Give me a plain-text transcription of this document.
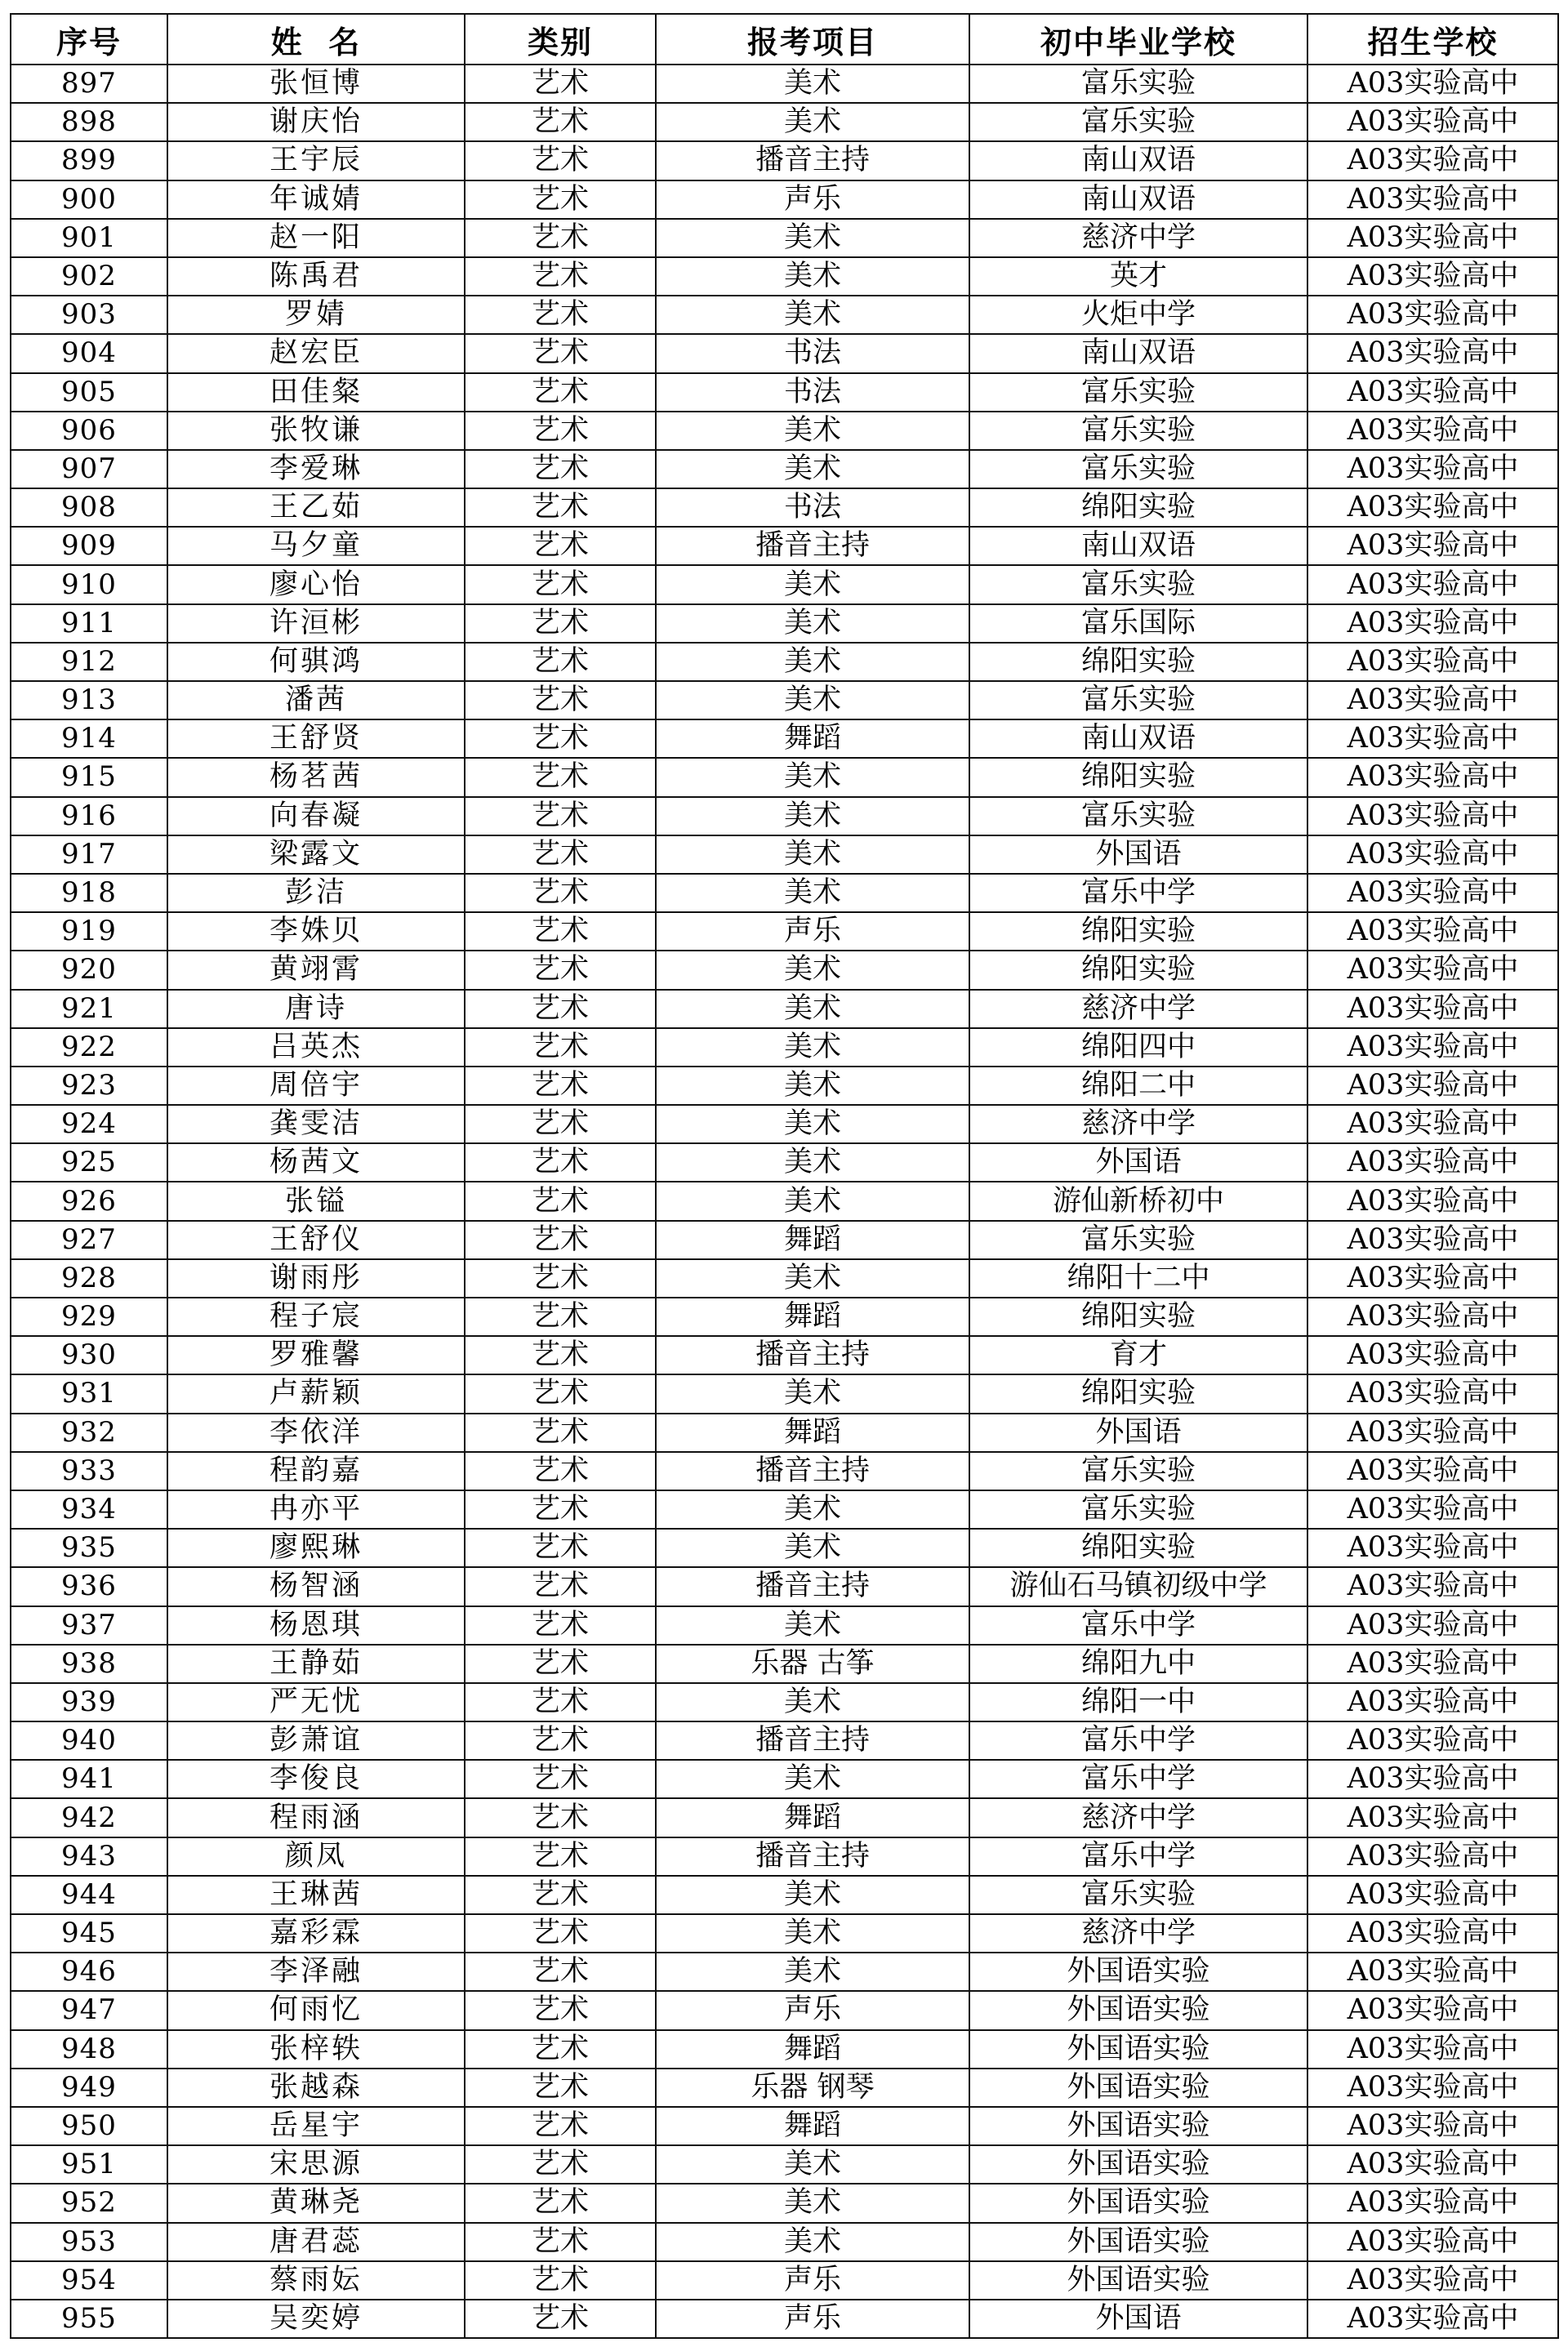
序号	姓  名	类别	报考项目	初中毕业学校	招生学校
897	张恒博	艺术	美术	富乐实验	A03实验高中
898	谢庆怡	艺术	美术	富乐实验	A03实验高中
899	王宇辰	艺术	播音主持	南山双语	A03实验高中
900	年诚婧	艺术	声乐	南山双语	A03实验高中
901	赵一阳	艺术	美术	慈济中学	A03实验高中
902	陈禹君	艺术	美术	英才	A03实验高中
903	罗婧	艺术	美术	火炬中学	A03实验高中
904	赵宏臣	艺术	书法	南山双语	A03实验高中
905	田佳粲	艺术	书法	富乐实验	A03实验高中
906	张牧谦	艺术	美术	富乐实验	A03实验高中
907	李爱琳	艺术	美术	富乐实验	A03实验高中
908	王乙茹	艺术	书法	绵阳实验	A03实验高中
909	马夕童	艺术	播音主持	南山双语	A03实验高中
910	廖心怡	艺术	美术	富乐实验	A03实验高中
911	许洹彬	艺术	美术	富乐国际	A03实验高中
912	何骐鸿	艺术	美术	绵阳实验	A03实验高中
913	潘茜	艺术	美术	富乐实验	A03实验高中
914	王舒贤	艺术	舞蹈	南山双语	A03实验高中
915	杨茗茜	艺术	美术	绵阳实验	A03实验高中
916	向春凝	艺术	美术	富乐实验	A03实验高中
917	梁露文	艺术	美术	外国语	A03实验高中
918	彭洁	艺术	美术	富乐中学	A03实验高中
919	李姝贝	艺术	声乐	绵阳实验	A03实验高中
920	黄翊霄	艺术	美术	绵阳实验	A03实验高中
921	唐诗	艺术	美术	慈济中学	A03实验高中
922	吕英杰	艺术	美术	绵阳四中	A03实验高中
923	周倍宇	艺术	美术	绵阳二中	A03实验高中
924	龚雯洁	艺术	美术	慈济中学	A03实验高中
925	杨茜文	艺术	美术	外国语	A03实验高中
926	张镒	艺术	美术	游仙新桥初中	A03实验高中
927	王舒仪	艺术	舞蹈	富乐实验	A03实验高中
928	谢雨彤	艺术	美术	绵阳十二中	A03实验高中
929	程子宸	艺术	舞蹈	绵阳实验	A03实验高中
930	罗雅馨	艺术	播音主持	育才	A03实验高中
931	卢薪颖	艺术	美术	绵阳实验	A03实验高中
932	李依洋	艺术	舞蹈	外国语	A03实验高中
933	程韵嘉	艺术	播音主持	富乐实验	A03实验高中
934	冉亦平	艺术	美术	富乐实验	A03实验高中
935	廖熙琳	艺术	美术	绵阳实验	A03实验高中
936	杨智涵	艺术	播音主持	游仙石马镇初级中学	A03实验高中
937	杨恩琪	艺术	美术	富乐中学	A03实验高中
938	王静茹	艺术	乐器 古筝	绵阳九中	A03实验高中
939	严无忧	艺术	美术	绵阳一中	A03实验高中
940	彭萧谊	艺术	播音主持	富乐中学	A03实验高中
941	李俊良	艺术	美术	富乐中学	A03实验高中
942	程雨涵	艺术	舞蹈	慈济中学	A03实验高中
943	颜凤	艺术	播音主持	富乐中学	A03实验高中
944	王琳茜	艺术	美术	富乐实验	A03实验高中
945	嘉彩霖	艺术	美术	慈济中学	A03实验高中
946	李泽融	艺术	美术	外国语实验	A03实验高中
947	何雨忆	艺术	声乐	外国语实验	A03实验高中
948	张梓轶	艺术	舞蹈	外国语实验	A03实验高中
949	张越森	艺术	乐器 钢琴	外国语实验	A03实验高中
950	岳星宇	艺术	舞蹈	外国语实验	A03实验高中
951	宋思源	艺术	美术	外国语实验	A03实验高中
952	黄琳尧	艺术	美术	外国语实验	A03实验高中
953	唐君蕊	艺术	美术	外国语实验	A03实验高中
954	蔡雨妘	艺术	声乐	外国语实验	A03实验高中
955	吴奕婷	艺术	声乐	外国语	A03实验高中
